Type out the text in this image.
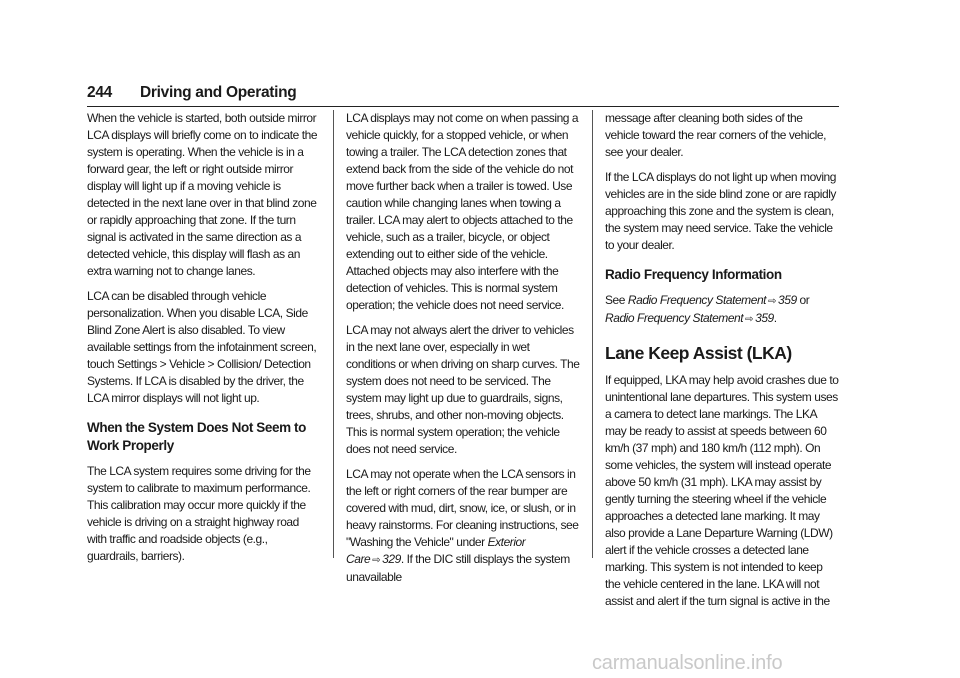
244 Driving and Operating

When the vehicle is started, both outside mirror LCA displays will briefly come on to indicate the system is operating. When the vehicle is in a forward gear, the left or right outside mirror display will light up if a moving vehicle is detected in the next lane over in that blind zone or rapidly approaching that zone. If the turn signal is activated in the same direction as a detected vehicle, this display will flash as an extra warning not to change lanes.

LCA can be disabled through vehicle personalization. When you disable LCA, Side Blind Zone Alert is also disabled. To view available settings from the infotainment screen, touch Settings > Vehicle > Collision/ Detection Systems. If LCA is disabled by the driver, the LCA mirror displays will not light up.

When the System Does Not Seem to Work Properly

The LCA system requires some driving for the system to calibrate to maximum performance. This calibration may occur more quickly if the vehicle is driving on a straight highway road with traffic and roadside objects (e.g., guardrails, barriers).

LCA displays may not come on when passing a vehicle quickly, for a stopped vehicle, or when towing a trailer. The LCA detection zones that extend back from the side of the vehicle do not move further back when a trailer is towed. Use caution while changing lanes when towing a trailer. LCA may alert to objects attached to the vehicle, such as a trailer, bicycle, or object extending out to either side of the vehicle. Attached objects may also interfere with the detection of vehicles. This is normal system operation; the vehicle does not need service.

LCA may not always alert the driver to vehicles in the next lane over, especially in wet conditions or when driving on sharp curves. The system does not need to be serviced. The system may light up due to guardrails, signs, trees, shrubs, and other non-moving objects. This is normal system operation; the vehicle does not need service.

LCA may not operate when the LCA sensors in the left or right corners of the rear bumper are covered with mud, dirt, snow, ice, or slush, or in heavy rainstorms. For cleaning instructions, see "Washing the Vehicle" under Exterior Care ⇨ 329. If the DIC still displays the system unavailable

message after cleaning both sides of the vehicle toward the rear corners of the vehicle, see your dealer.

If the LCA displays do not light up when moving vehicles are in the side blind zone or are rapidly approaching this zone and the system is clean, the system may need service. Take the vehicle to your dealer.

Radio Frequency Information

See Radio Frequency Statement ⇨ 359 or
Radio Frequency Statement ⇨ 359.

Lane Keep Assist (LKA)

If equipped, LKA may help avoid crashes due to unintentional lane departures. This system uses a camera to detect lane markings. The LKA may be ready to assist at speeds between 60 km/h (37 mph) and 180 km/h (112 mph). On some vehicles, the system will instead operate above 50 km/h (31 mph). LKA may assist by gently turning the steering wheel if the vehicle approaches a detected lane marking. It may also provide a Lane Departure Warning (LDW) alert if the vehicle crosses a detected lane marking. This system is not intended to keep the vehicle centered in the lane. LKA will not assist and alert if the turn signal is active in the

carmanualsonline.info
